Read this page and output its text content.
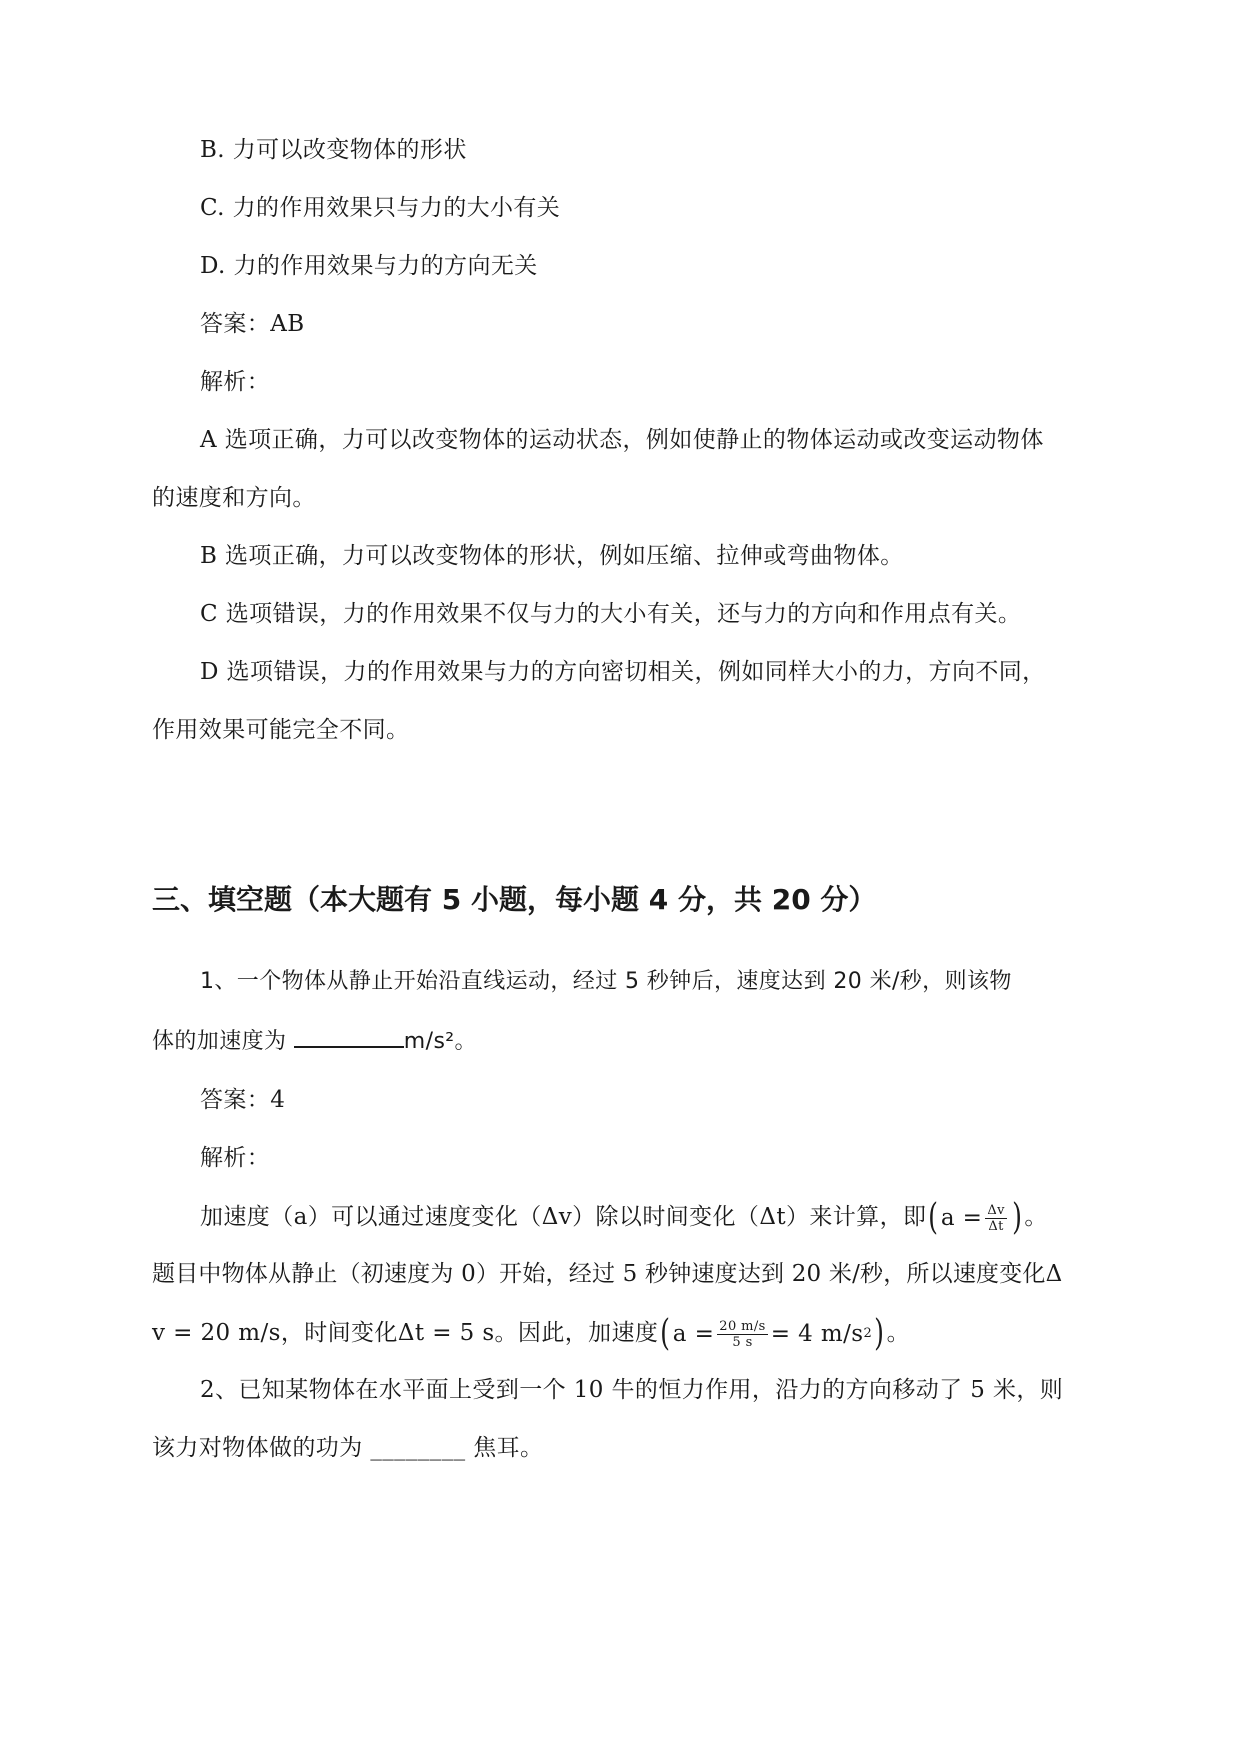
B. 力可以改变物体的形状
C. 力的作用效果只与力的大小有关
D. 力的作用效果与力的方向无关
答案：AB
解析：
A 选项正确，力可以改变物体的运动状态，例如使静止的物体运动或改变运动物体
的速度和方向。
B 选项正确，力可以改变物体的形状，例如压缩、拉伸或弯曲物体。
C 选项错误，力的作用效果不仅与力的大小有关，还与力的方向和作用点有关。
D 选项错误，力的作用效果与力的方向密切相关，例如同样大小的力，方向不同，
作用效果可能完全不同。
三、填空题（本大题有 5 小题，每小题 4 分，共 20 分）
1、一个物体从静止开始沿直线运动，经过 5 秒钟后，速度达到 20 米/秒，则该物
体的加速度为	m/s²。
答案：4
解析：
加速度（a）可以通过速度变化（Δv）除以时间变化（Δt）来计算，即 ( $a = \frac{\Delta v}{\Delta t}$ ) 。
题目中物体从静止（初速度为 0）开始，经过 5 秒钟速度达到 20 米/秒，所以速度变化Δ
v = 20 m/s，时间变化Δt = 5 s。因此，加速度 ( $a = \frac{20 m/s}{5 s} = 4$ m/s 2 ) 。
2、已知某物体在水平面上受到一个 10 牛的恒力作用，沿力的方向移动了 5 米，则
该力对物体做的功为 ________ 焦耳。
